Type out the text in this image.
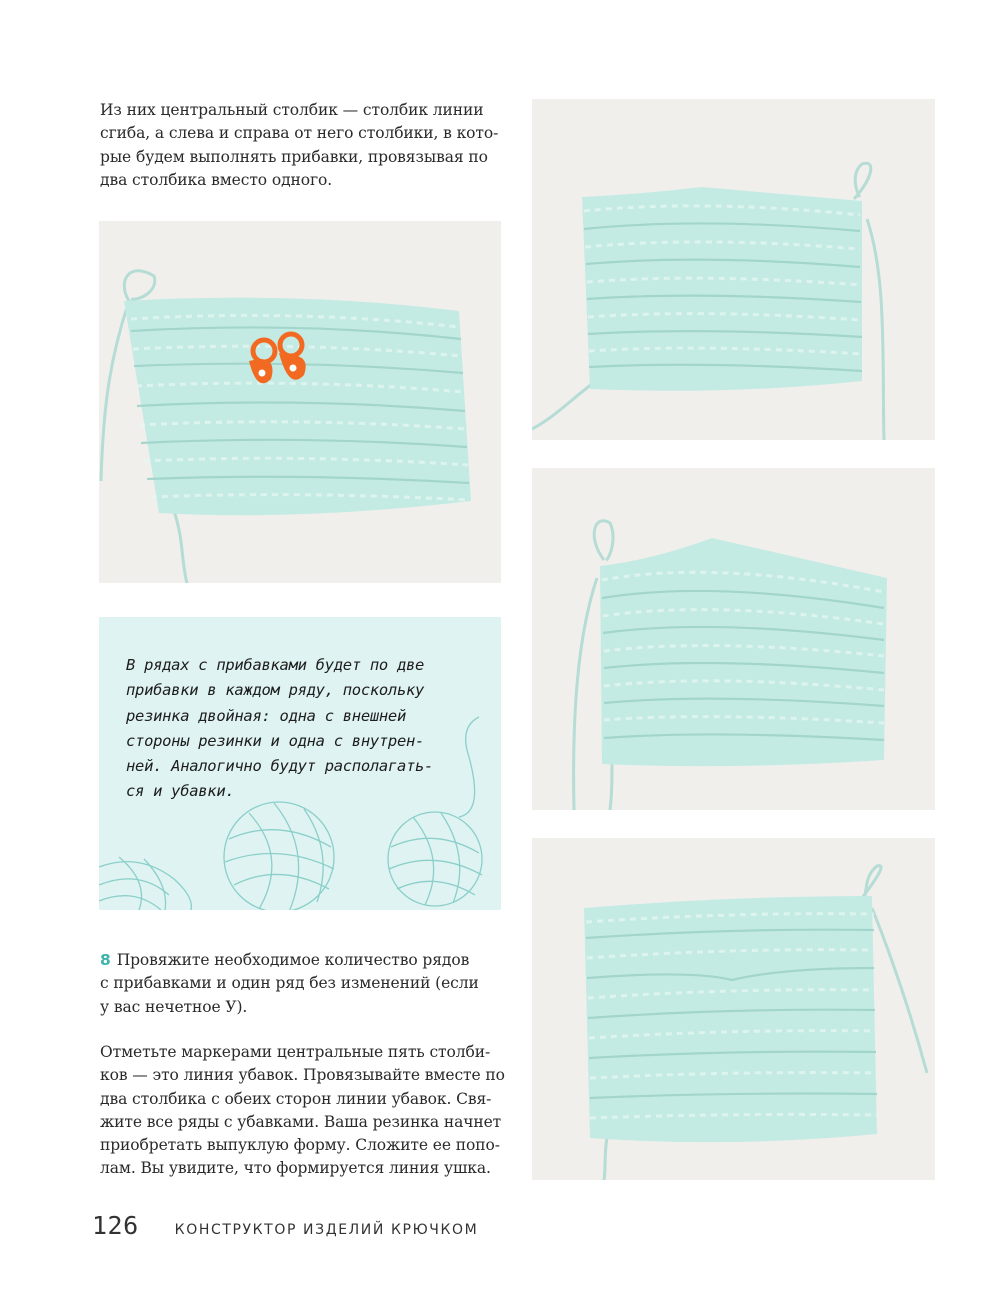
Из них центральный столбик — столбик линии
сгиба, а слева и справа от него столбики, в кото-
рые будем выполнять прибавки, провязывая по
два столбика вместо одного.

В рядах с прибавками будет по две
прибавки в каждом ряду, поскольку
резинка двойная: одна с внешней
стороны резинки и одна с внутрен-
ней. Аналогично будут располагать-
ся и убавки.

8 Провяжите необходимое количество рядов
с прибавками и один ряд без изменений (если
у вас нечетное У).

Отметьте маркерами центральные пять столби-
ков — это линия убавок. Провязывайте вместе по
два столбика с обеих сторон линии убавок. Свя-
жите все ряды с убавками. Ваша резинка начнет
приобретать выпуклую форму. Сложите ее попо-
лам. Вы увидите, что формируется линия ушка.

126	КОНСТРУКТОР ИЗДЕЛИЙ КРЮЧКОМ
